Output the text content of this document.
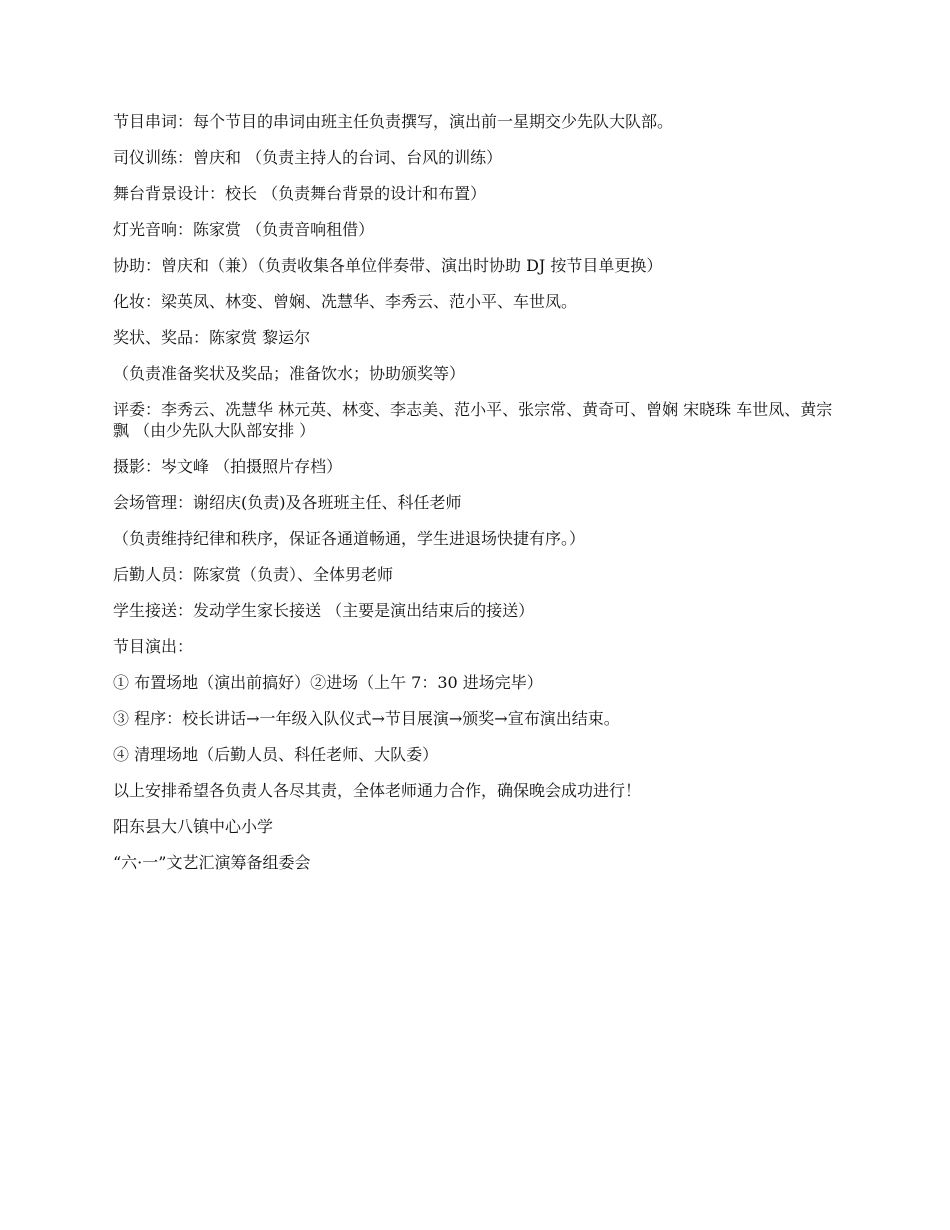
节目串词：每个节目的串词由班主任负责撰写，演出前一星期交少先队大队部。

司仪训练：曾庆和 （负责主持人的台词、台风的训练）

舞台背景设计：校长 （负责舞台背景的设计和布置）

灯光音响：陈家赏 （负责音响租借）

协助：曾庆和（兼）（负责收集各单位伴奏带、演出时协助 DJ 按节目单更换）

化妆：梁英凤、林变、曾娴、冼慧华、李秀云、范小平、车世凤。

奖状、奖品：陈家赏 黎运尔

（负责准备奖状及奖品；准备饮水；协助颁奖等）

评委：李秀云、冼慧华 林元英、林变、李志美、范小平、张宗常、黄奇可、曾娴 宋晓珠 车世凤、黄宗飘 （由少先队大队部安排 ）

摄影：岑文峰 （拍摄照片存档）

会场管理：谢绍庆(负责)及各班班主任、科任老师

（负责维持纪律和秩序，保证各通道畅通，学生进退场快捷有序。）

后勤人员：陈家赏（负责）、全体男老师

学生接送：发动学生家长接送 （主要是演出结束后的接送）

节目演出：

① 布置场地（演出前搞好）②进场（上午 7：30 进场完毕）

③ 程序：校长讲话→一年级入队仪式→节目展演→颁奖→宣布演出结束。

④ 清理场地（后勤人员、科任老师、大队委）

以上安排希望各负责人各尽其责，全体老师通力合作，确保晚会成功进行！

阳东县大八镇中心小学

“六·一”文艺汇演筹备组委会
